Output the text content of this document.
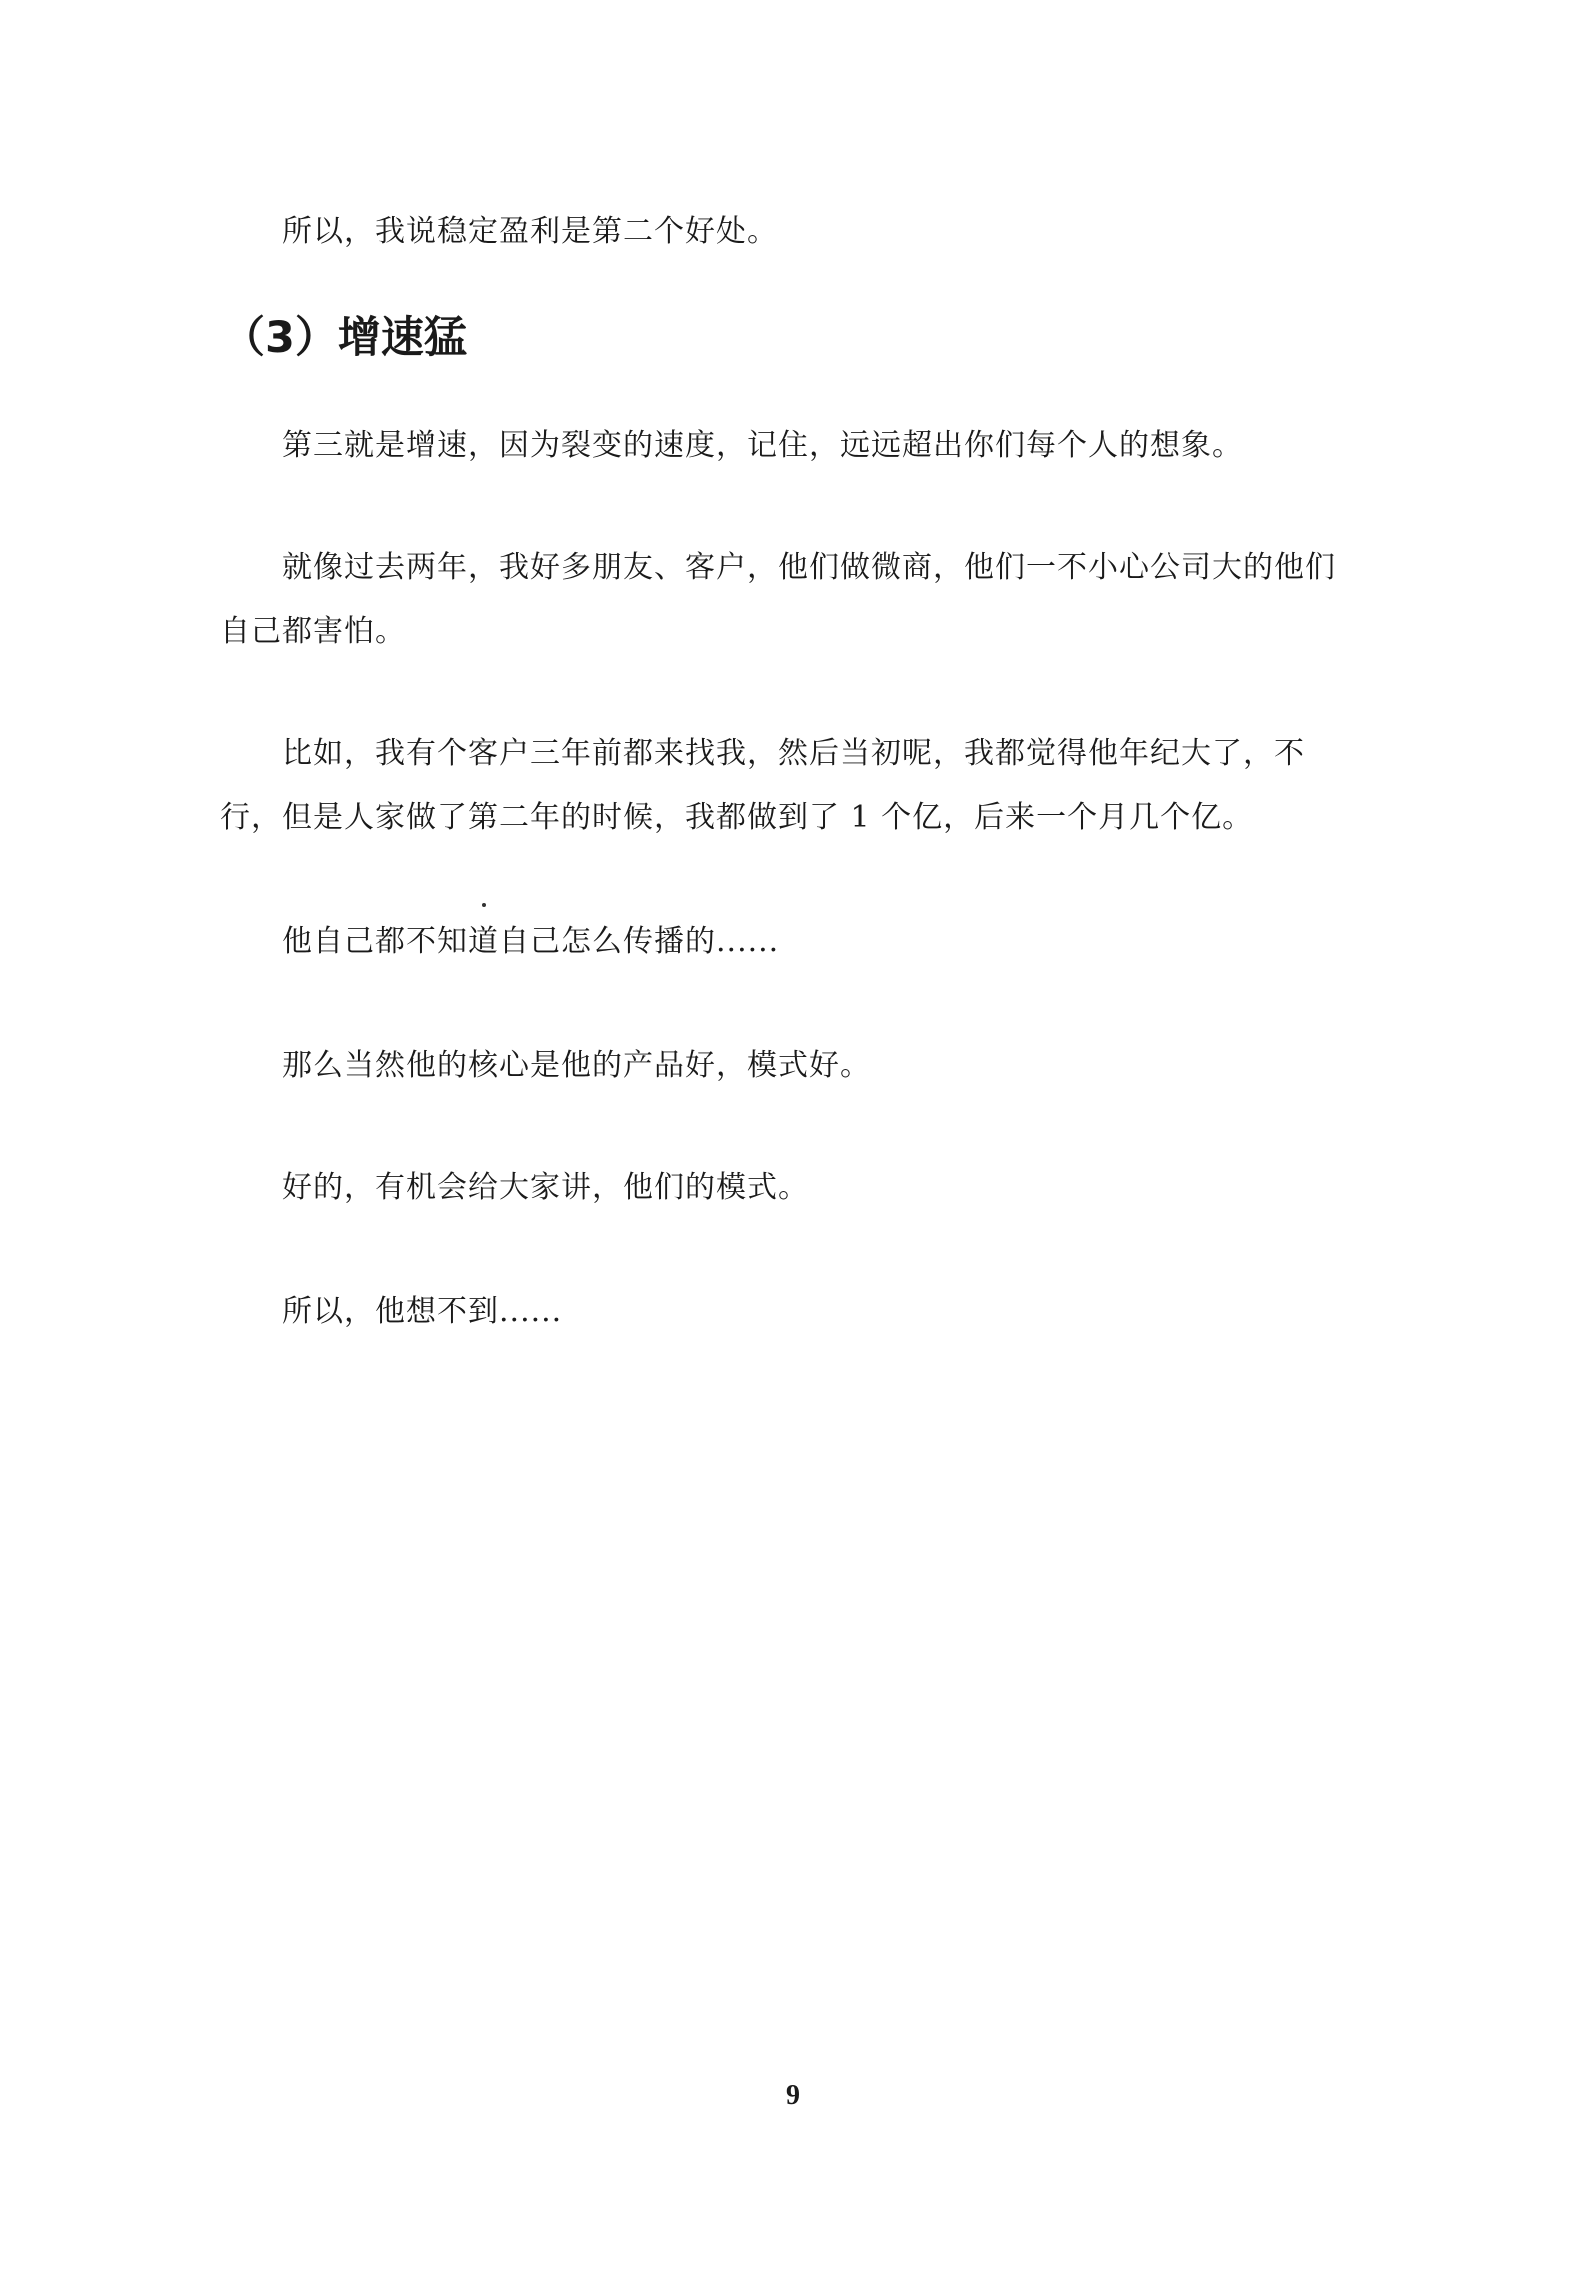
所以，我说稳定盈利是第二个好处。

（3）增速猛

第三就是增速，因为裂变的速度，记住，远远超出你们每个人的想象。

就像过去两年，我好多朋友、客户，他们做微商，他们一不小心公司大的他们自己都害怕。

比如，我有个客户三年前都来找我，然后当初呢，我都觉得他年纪大了，不行，但是人家做了第二年的时候，我都做到了 1 个亿，后来一个月几个亿。

他自己都不知道自己怎么传播的......

那么当然他的核心是他的产品好，模式好。

好的，有机会给大家讲，他们的模式。

所以，他想不到......

9
